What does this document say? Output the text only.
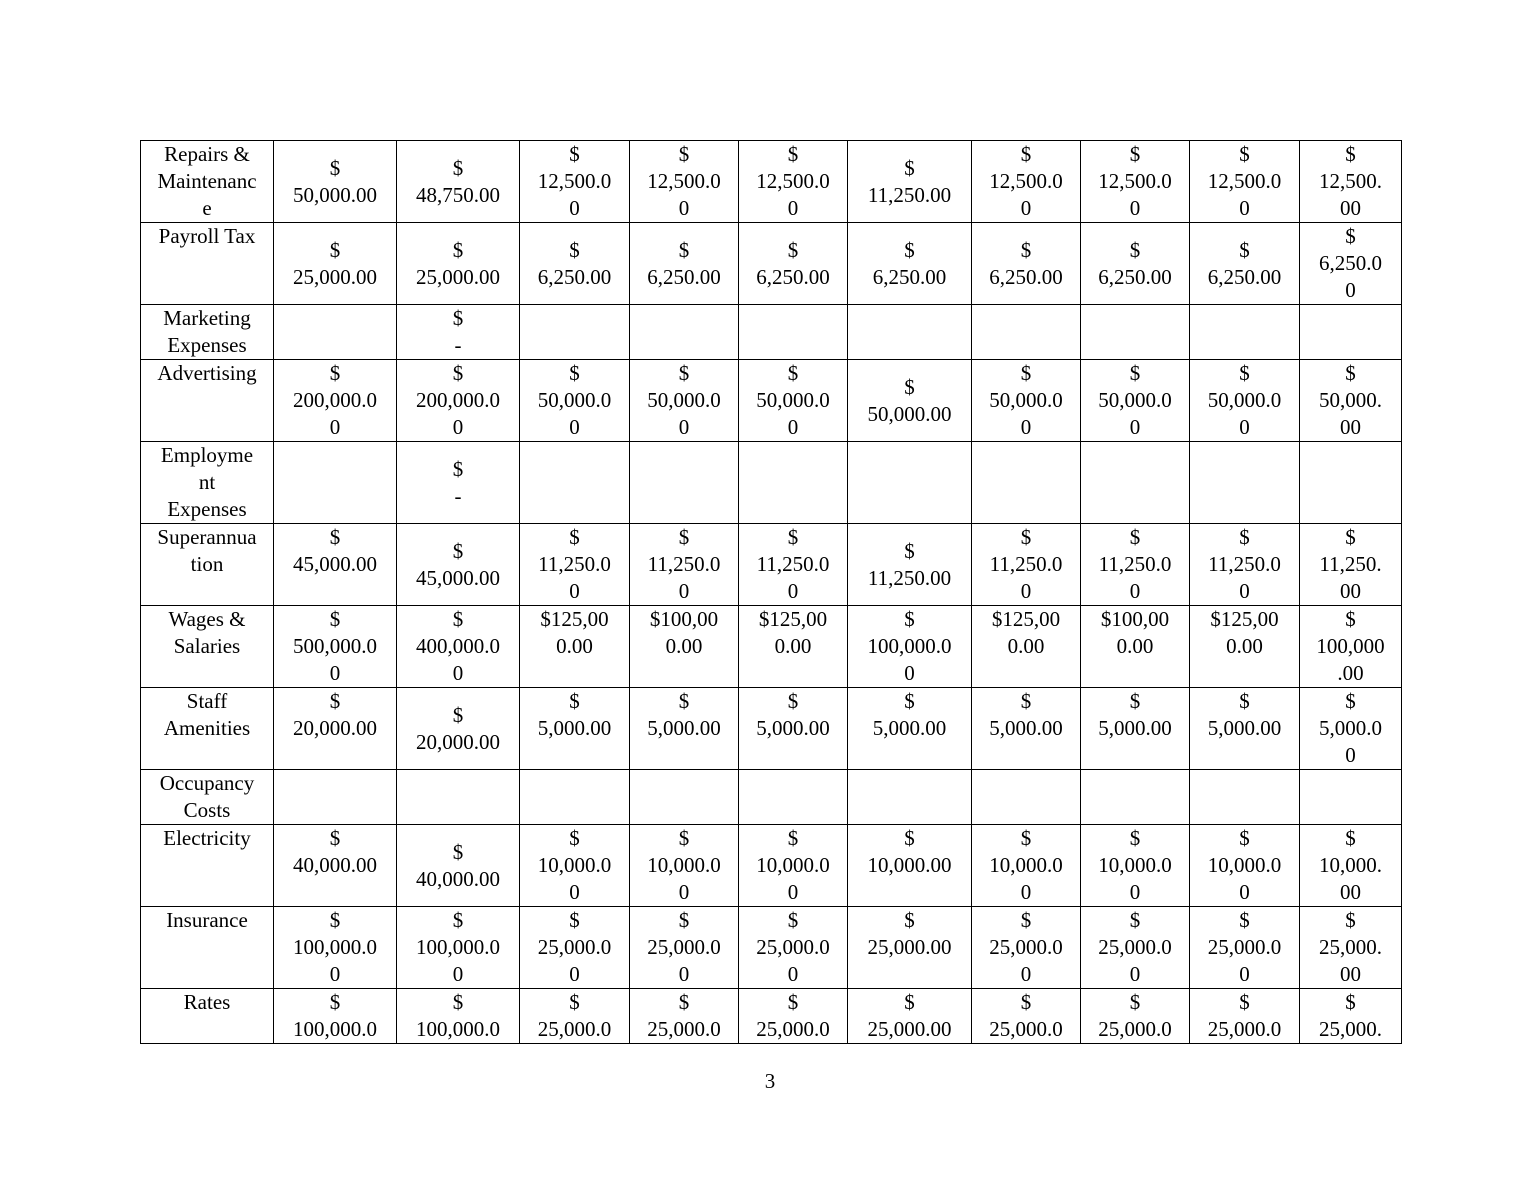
Repairs &
Maintenanc
e	$
50,000.00	$
48,750.00	$
12,500.0
0	$
12,500.0
0	$
12,500.0
0	$
11,250.00	$
12,500.0
0	$
12,500.0
0	$
12,500.0
0	$
12,500.
00

Payroll Tax	$
25,000.00	$
25,000.00	$
6,250.00	$
6,250.00	$
6,250.00	$
6,250.00	$
6,250.00	$
6,250.00	$
6,250.00	$
6,250.0
0

Marketing
Expenses		$
-								

Advertising	$
200,000.0
0	$
200,000.0
0	$
50,000.0
0	$
50,000.0
0	$
50,000.0
0	$
50,000.00	$
50,000.0
0	$
50,000.0
0	$
50,000.0
0	$
50,000.
00

Employme
nt
Expenses		$
-								

Superannua
tion	$
45,000.00	$
45,000.00	$
11,250.0
0	$
11,250.0
0	$
11,250.0
0	$
11,250.00	$
11,250.0
0	$
11,250.0
0	$
11,250.0
0	$
11,250.
00

Wages &
Salaries	$
500,000.0
0	$
400,000.0
0	$125,00
0.00	$100,00
0.00	$125,00
0.00	$
100,000.0
0	$125,00
0.00	$100,00
0.00	$125,00
0.00	$
100,000
.00

Staff
Amenities	$
20,000.00	$
20,000.00	$
5,000.00	$
5,000.00	$
5,000.00	$
5,000.00	$
5,000.00	$
5,000.00	$
5,000.00	$
5,000.0
0

Occupancy
Costs										

Electricity	$
40,000.00	$
40,000.00	$
10,000.0
0	$
10,000.0
0	$
10,000.0
0	$
10,000.00	$
10,000.0
0	$
10,000.0
0	$
10,000.0
0	$
10,000.
00

Insurance	$
100,000.0
0	$
100,000.0
0	$
25,000.0
0	$
25,000.0
0	$
25,000.0
0	$
25,000.00	$
25,000.0
0	$
25,000.0
0	$
25,000.0
0	$
25,000.
00

Rates	$
100,000.0	$
100,000.0	$
25,000.0	$
25,000.0	$
25,000.0	$
25,000.00	$
25,000.0	$
25,000.0	$
25,000.0	$
25,000.
3
